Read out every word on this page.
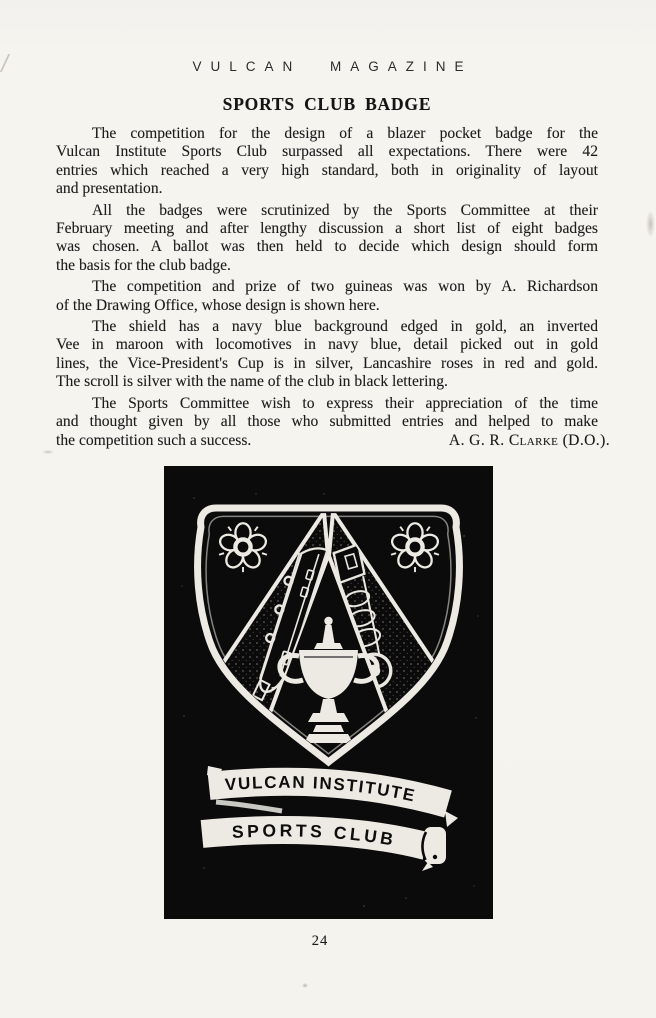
VULCAN MAGAZINE
SPORTS CLUB BADGE
The competition for the design of a blazer pocket badge for the
Vulcan Institute Sports Club surpassed all expectations. There were 42
entries which reached a very high standard, both in originality of layout
and presentation.
All the badges were scrutinized by the Sports Committee at their
February meeting and after lengthy discussion a short list of eight badges
was chosen. A ballot was then held to decide which design should form
the basis for the club badge.
The competition and prize of two guineas was won by A. Richardson
of the Drawing Office, whose design is shown here.
The shield has a navy blue background edged in gold, an inverted
Vee in maroon with locomotives in navy blue, detail picked out in gold
lines, the Vice-President's Cup is in silver, Lancashire roses in red and gold.
The scroll is silver with the name of the club in black lettering.
The Sports Committee wish to express their appreciation of the time
and thought given by all those who submitted entries and helped to make
the competition such a success.	A. G. R. Clarke (D.O.).
VULCAN INSTITUTE
SPORTS CLUB
24
